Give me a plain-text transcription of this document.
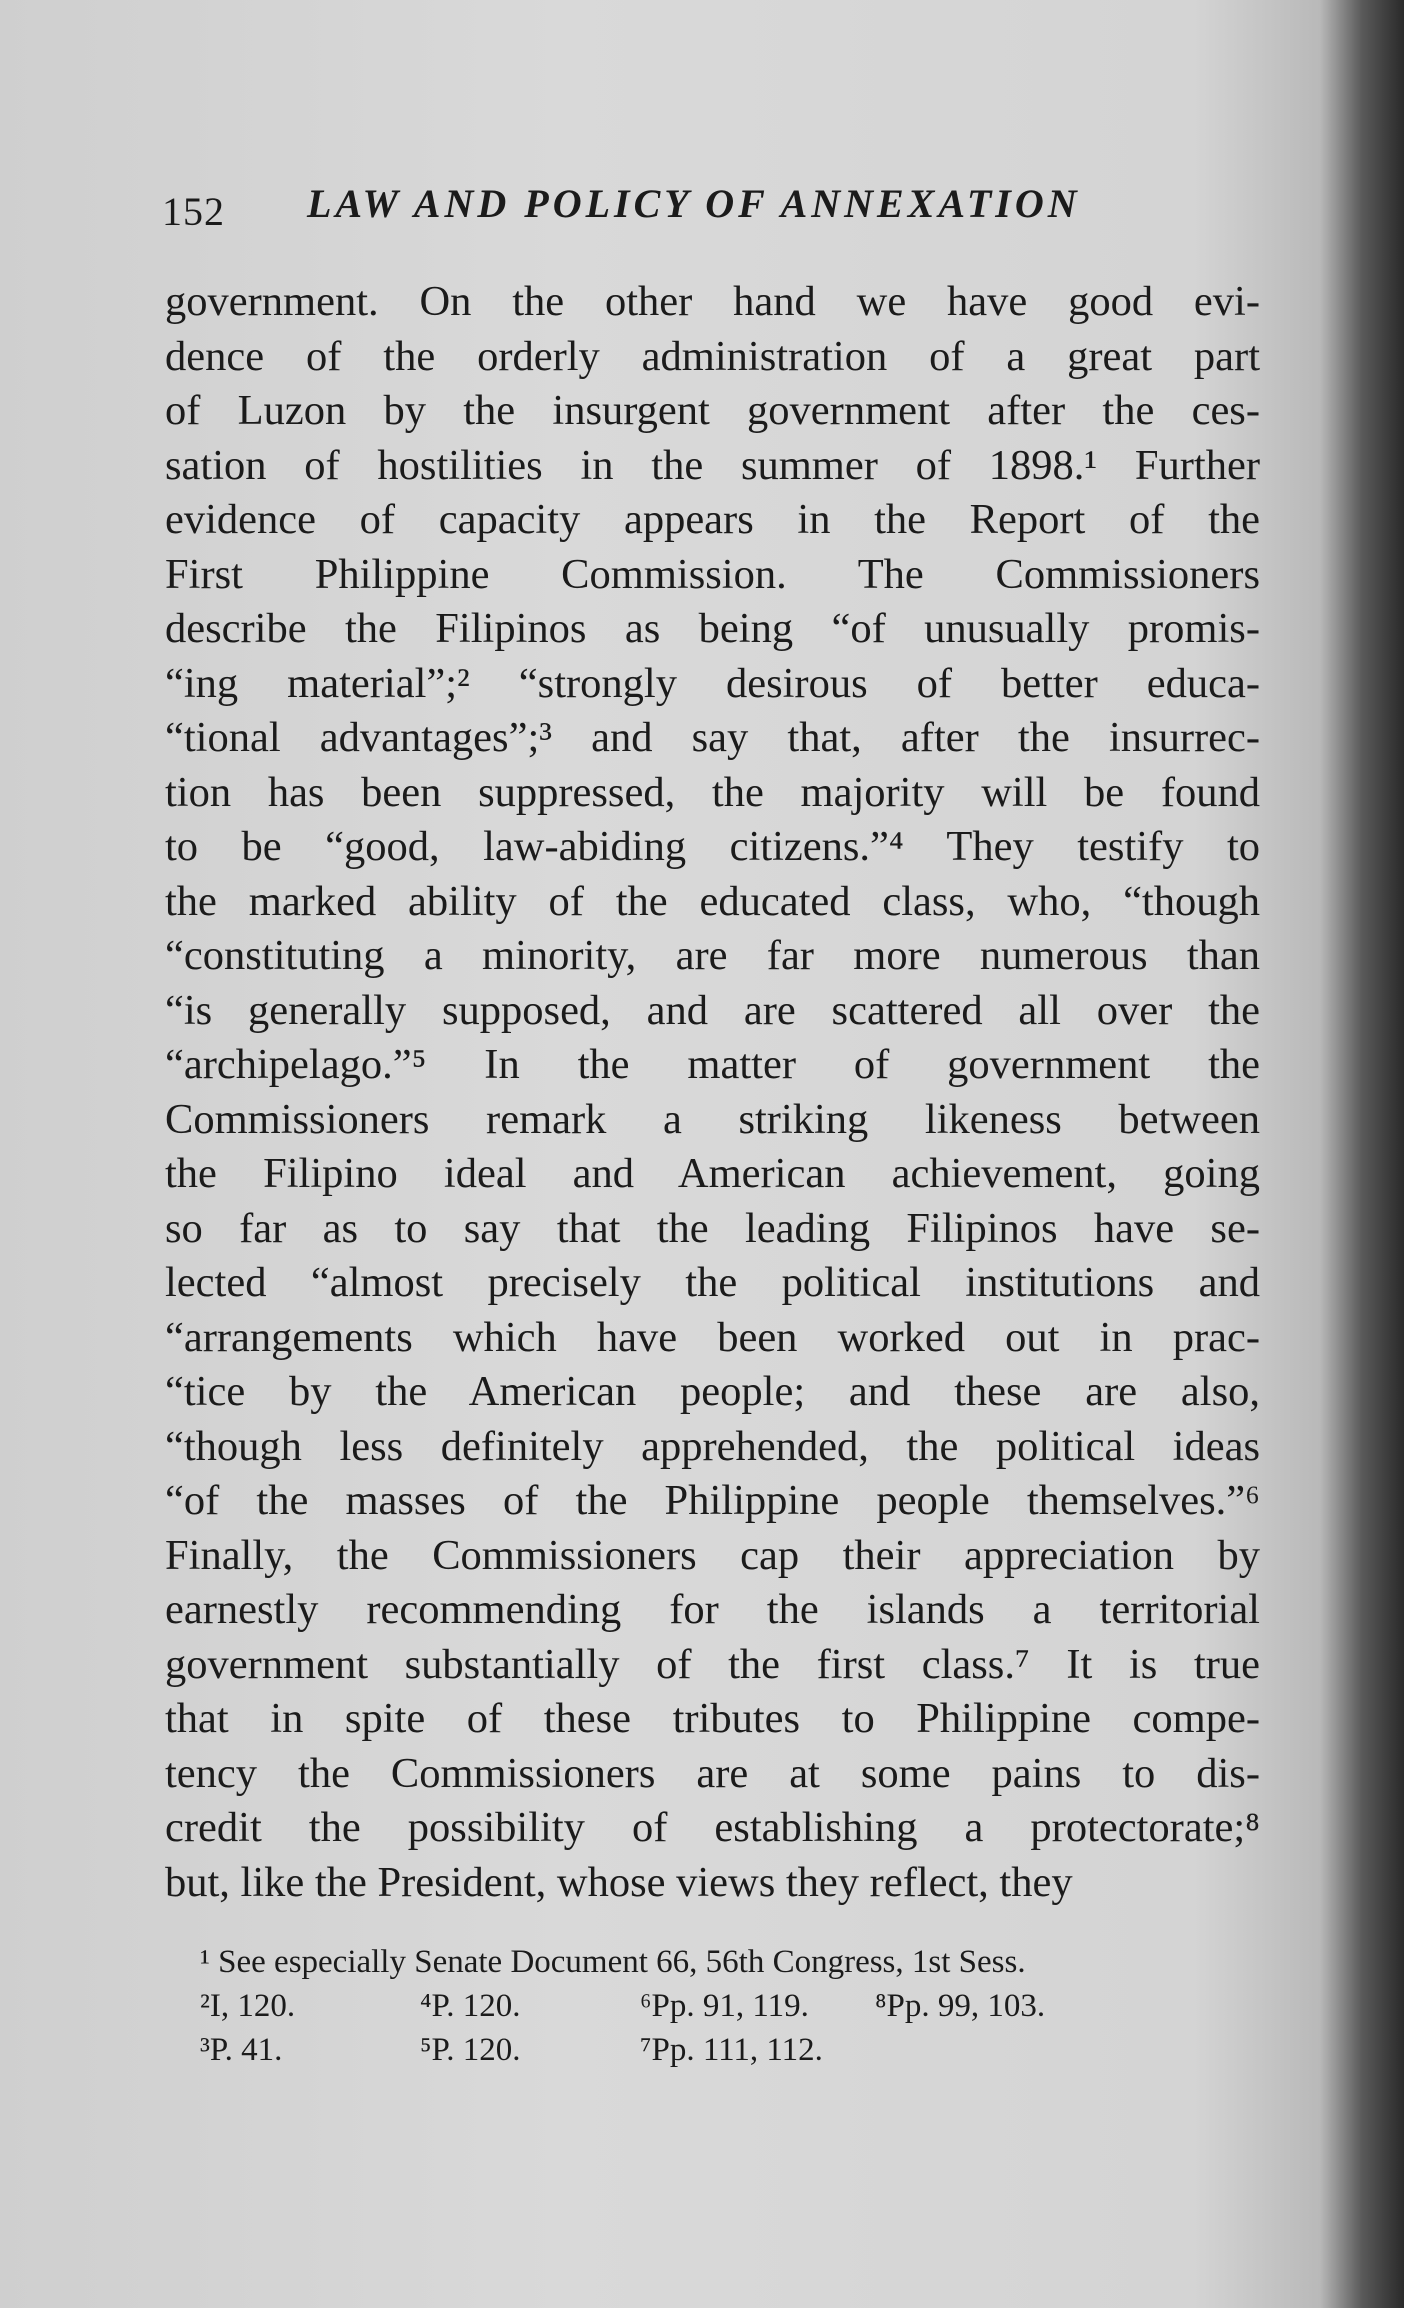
152 LAW AND POLICY OF ANNEXATION
government. On the other hand we have good evi-
dence of the orderly administration of a great part
of Luzon by the insurgent government after the ces-
sation of hostilities in the summer of 1898.¹ Further
evidence of capacity appears in the Report of the
First Philippine Commission. The Commissioners
describe the Filipinos as being “of unusually promis-
“ing material”;² “strongly desirous of better educa-
“tional advantages”;³ and say that, after the insurrec-
tion has been suppressed, the majority will be found
to be “good, law-abiding citizens.”⁴ They testify to
the marked ability of the educated class, who, “though
“constituting a minority, are far more numerous than
“is generally supposed, and are scattered all over the
“archipelago.”⁵ In the matter of government the
Commissioners remark a striking likeness between
the Filipino ideal and American achievement, going
so far as to say that the leading Filipinos have se-
lected “almost precisely the political institutions and
“arrangements which have been worked out in prac-
“tice by the American people; and these are also,
“though less definitely apprehended, the political ideas
“of the masses of the Philippine people themselves.”⁶
Finally, the Commissioners cap their appreciation by
earnestly recommending for the islands a territorial
government substantially of the first class.⁷ It is true
that in spite of these tributes to Philippine compe-
tency the Commissioners are at some pains to dis-
credit the possibility of establishing a protectorate;⁸
but, like the President, whose views they reflect, they
¹ See especially Senate Document 66, 56th Congress, 1st Sess.
²I, 120.	⁴P. 120.	⁶Pp. 91, 119. ⁸Pp. 99, 103.
³P. 41.	⁵P. 120.	⁷Pp. 111, 112.
